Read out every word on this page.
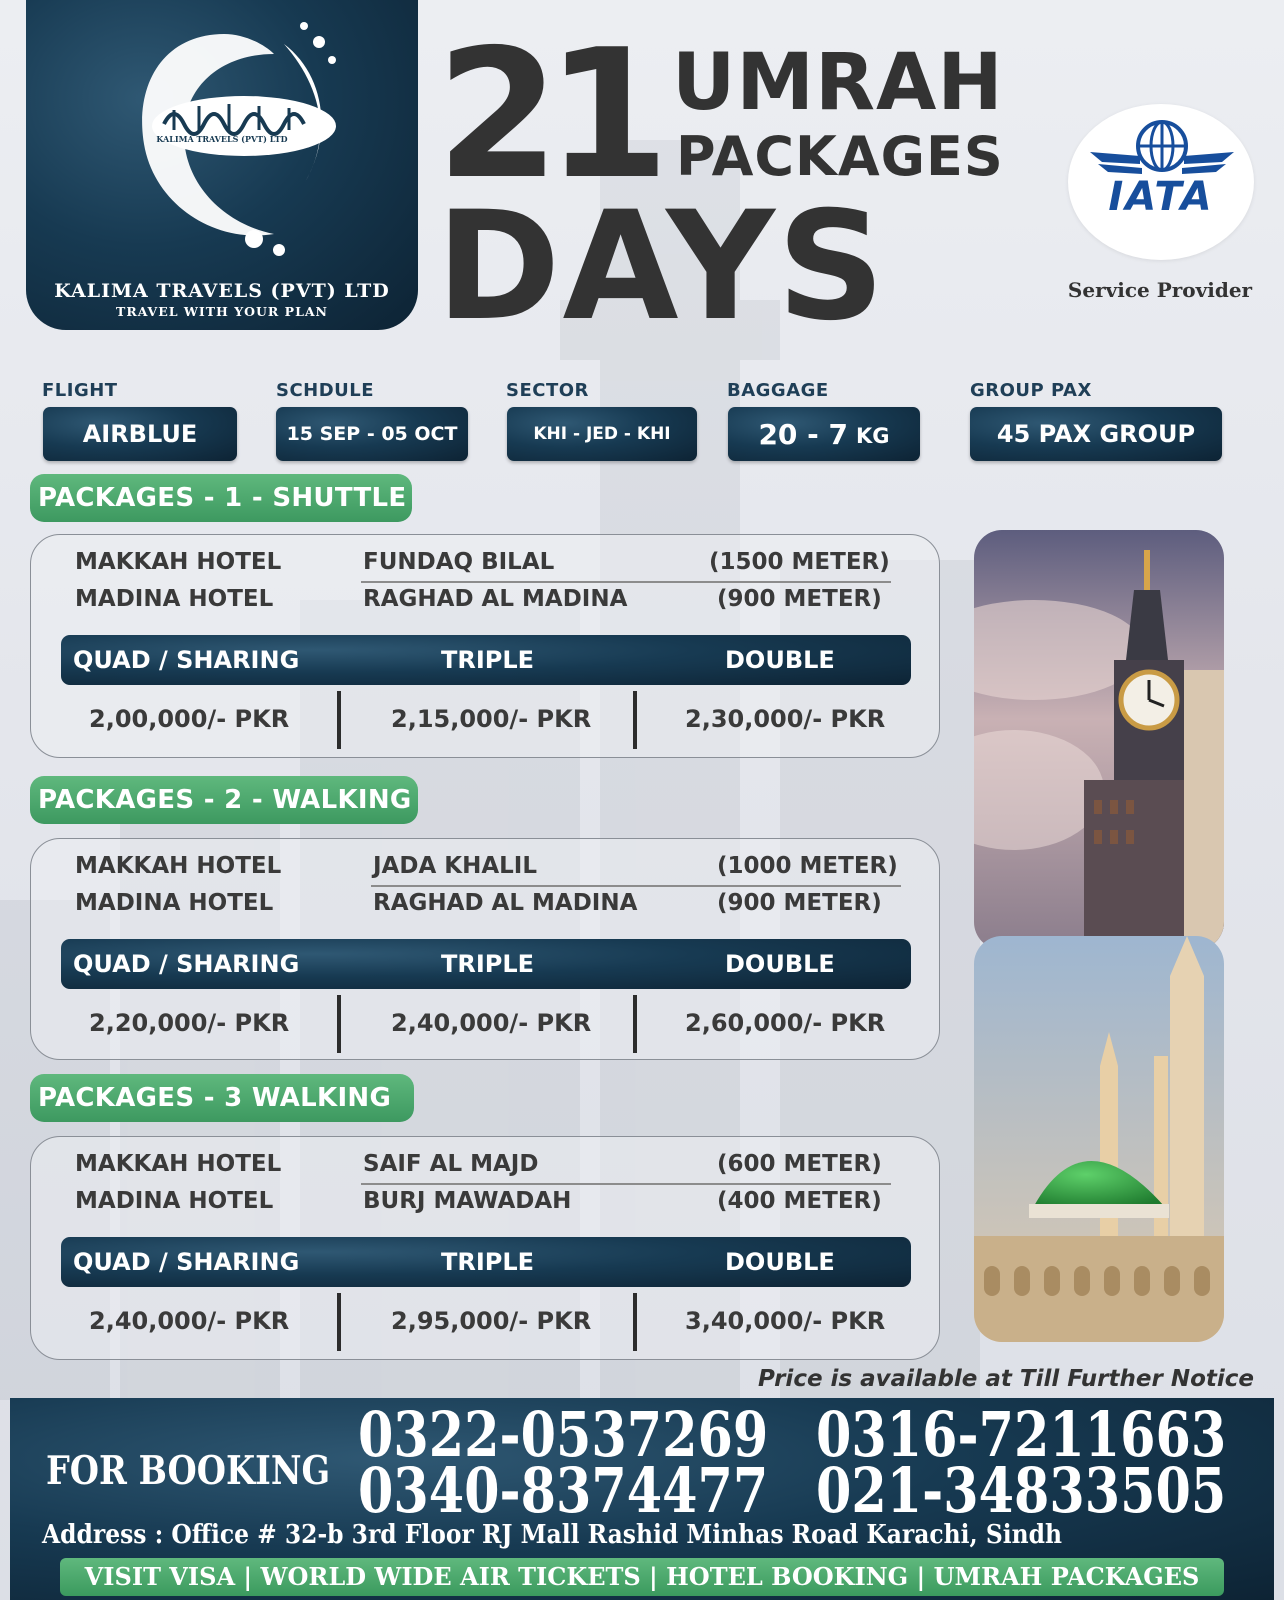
KALIMA TRAVELS (PVT) LTD
KALIMA TRAVELS (PVT) LTD
TRAVEL WITH YOUR PLAN
21 UMRAH
PACKAGES
DAYS	IATA
Service Provider
FLIGHT
AIRBLUE
SCHDULE
15 SEP - 05 OCT
SECTOR
KHI - JED - KHI
BAGGAGE
20 - 7 KG
GROUP PAX
45 PAX GROUP
PACKAGES - 1 - SHUTTLE
MAKKAH HOTEL	FUNDAQ BILAL	(1500 METER)
MADINA HOTEL	RAGHAD AL MADINA	(900 METER)
QUAD / SHARING	TRIPLE	DOUBLE
2,00,000/- PKR	2,15,000/- PKR	2,30,000/- PKR
PACKAGES - 2 - WALKING
MAKKAH HOTEL	JADA KHALIL	(1000 METER)
MADINA HOTEL	RAGHAD AL MADINA	(900 METER)
QUAD / SHARING	TRIPLE	DOUBLE
2,20,000/- PKR	2,40,000/- PKR	2,60,000/- PKR
PACKAGES - 3 WALKING
MAKKAH HOTEL	SAIF AL MAJD	(600 METER)
MADINA HOTEL	BURJ MAWADAH	(400 METER)
QUAD / SHARING	TRIPLE	DOUBLE
2,40,000/- PKR	2,95,000/- PKR	3,40,000/- PKR
Price is available at Till Further Notice
FOR BOOKING 0322-0537269 0316-7211663
0340-8374477 021-34833505
Address : Office # 32-b 3rd Floor RJ Mall Rashid Minhas Road Karachi, Sindh
VISIT VISA | WORLD WIDE AIR TICKETS | HOTEL BOOKING | UMRAH PACKAGES
